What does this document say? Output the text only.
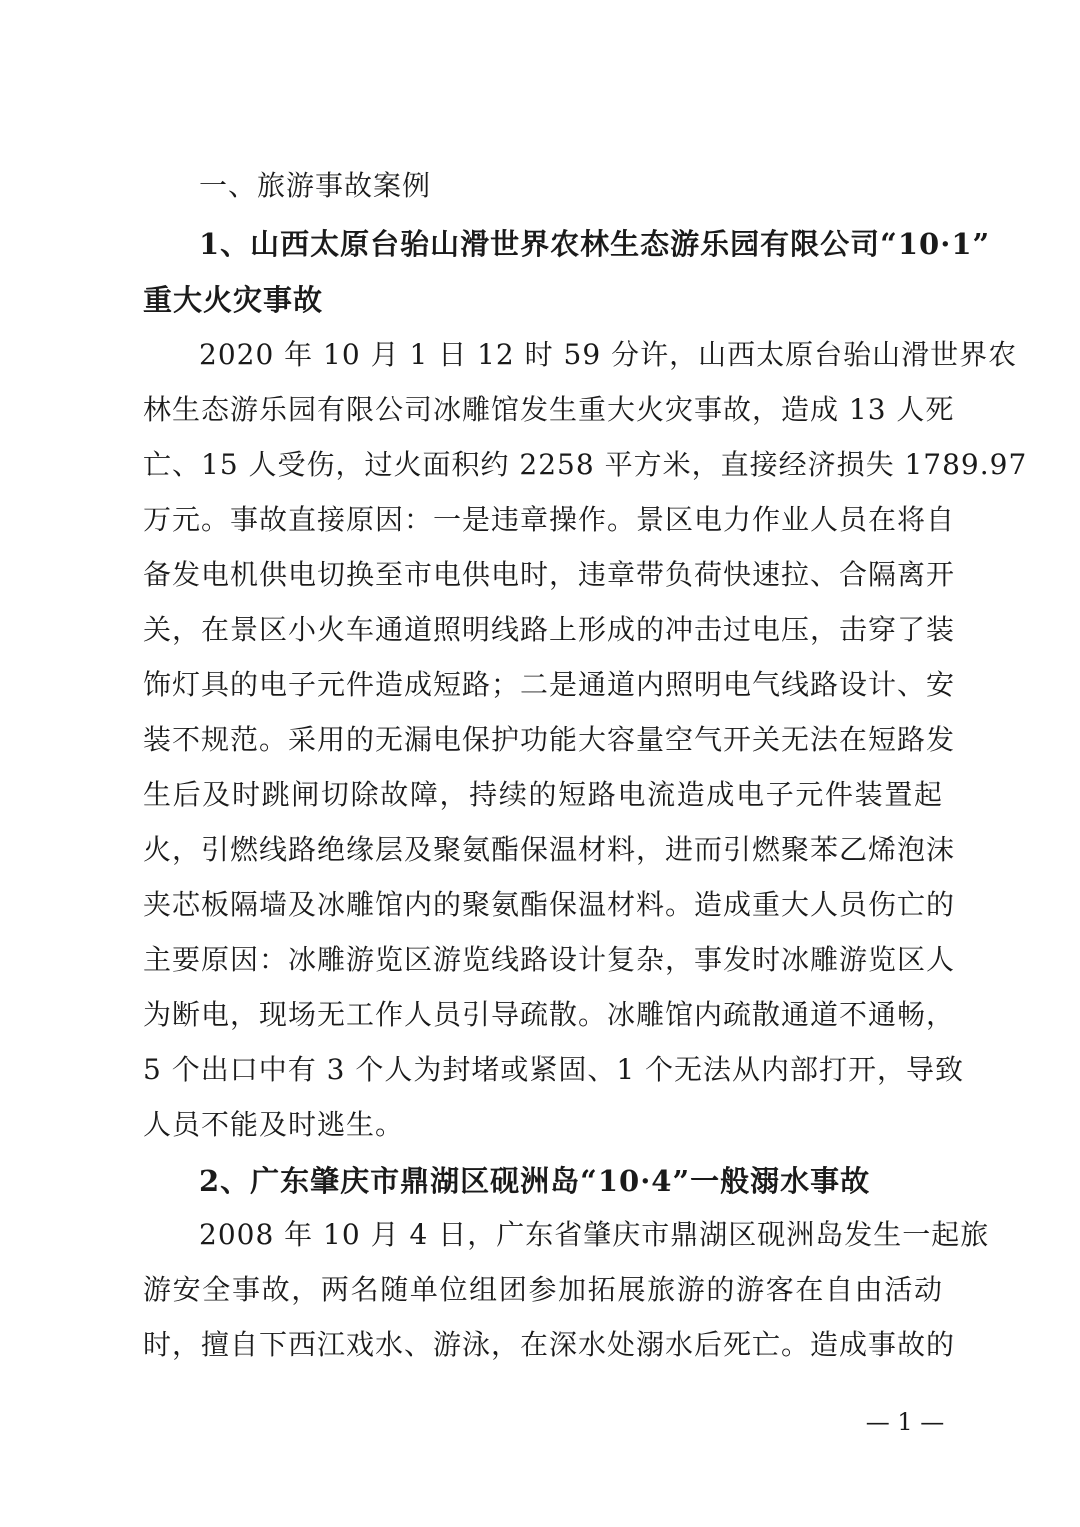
一、旅游事故案例
1、山西太原台骀山滑世界农林生态游乐园有限公司“10·1”
重大火灾事故
2020 年 10 月 1 日 12 时 59 分许，山西太原台骀山滑世界农
林生态游乐园有限公司冰雕馆发生重大火灾事故，造成 13 人死
亡、15 人受伤，过火面积约 2258 平方米，直接经济损失 1789.97
万元。事故直接原因：一是违章操作。景区电力作业人员在将自
备发电机供电切换至市电供电时，违章带负荷快速拉、合隔离开
关，在景区小火车通道照明线路上形成的冲击过电压，击穿了装
饰灯具的电子元件造成短路；二是通道内照明电气线路设计、安
装不规范。采用的无漏电保护功能大容量空气开关无法在短路发
生后及时跳闸切除故障，持续的短路电流造成电子元件装置起
火，引燃线路绝缘层及聚氨酯保温材料，进而引燃聚苯乙烯泡沫
夹芯板隔墙及冰雕馆内的聚氨酯保温材料。造成重大人员伤亡的
主要原因：冰雕游览区游览线路设计复杂，事发时冰雕游览区人
为断电，现场无工作人员引导疏散。冰雕馆内疏散通道不通畅，
5 个出口中有 3 个人为封堵或紧固、1 个无法从内部打开，导致
人员不能及时逃生。
2、广东肇庆市鼎湖区砚洲岛“10·4”一般溺水事故
2008 年 10 月 4 日，广东省肇庆市鼎湖区砚洲岛发生一起旅
游安全事故，两名随单位组团参加拓展旅游的游客在自由活动
时，擅自下西江戏水、游泳，在深水处溺水后死亡。造成事故的
— 1 —
